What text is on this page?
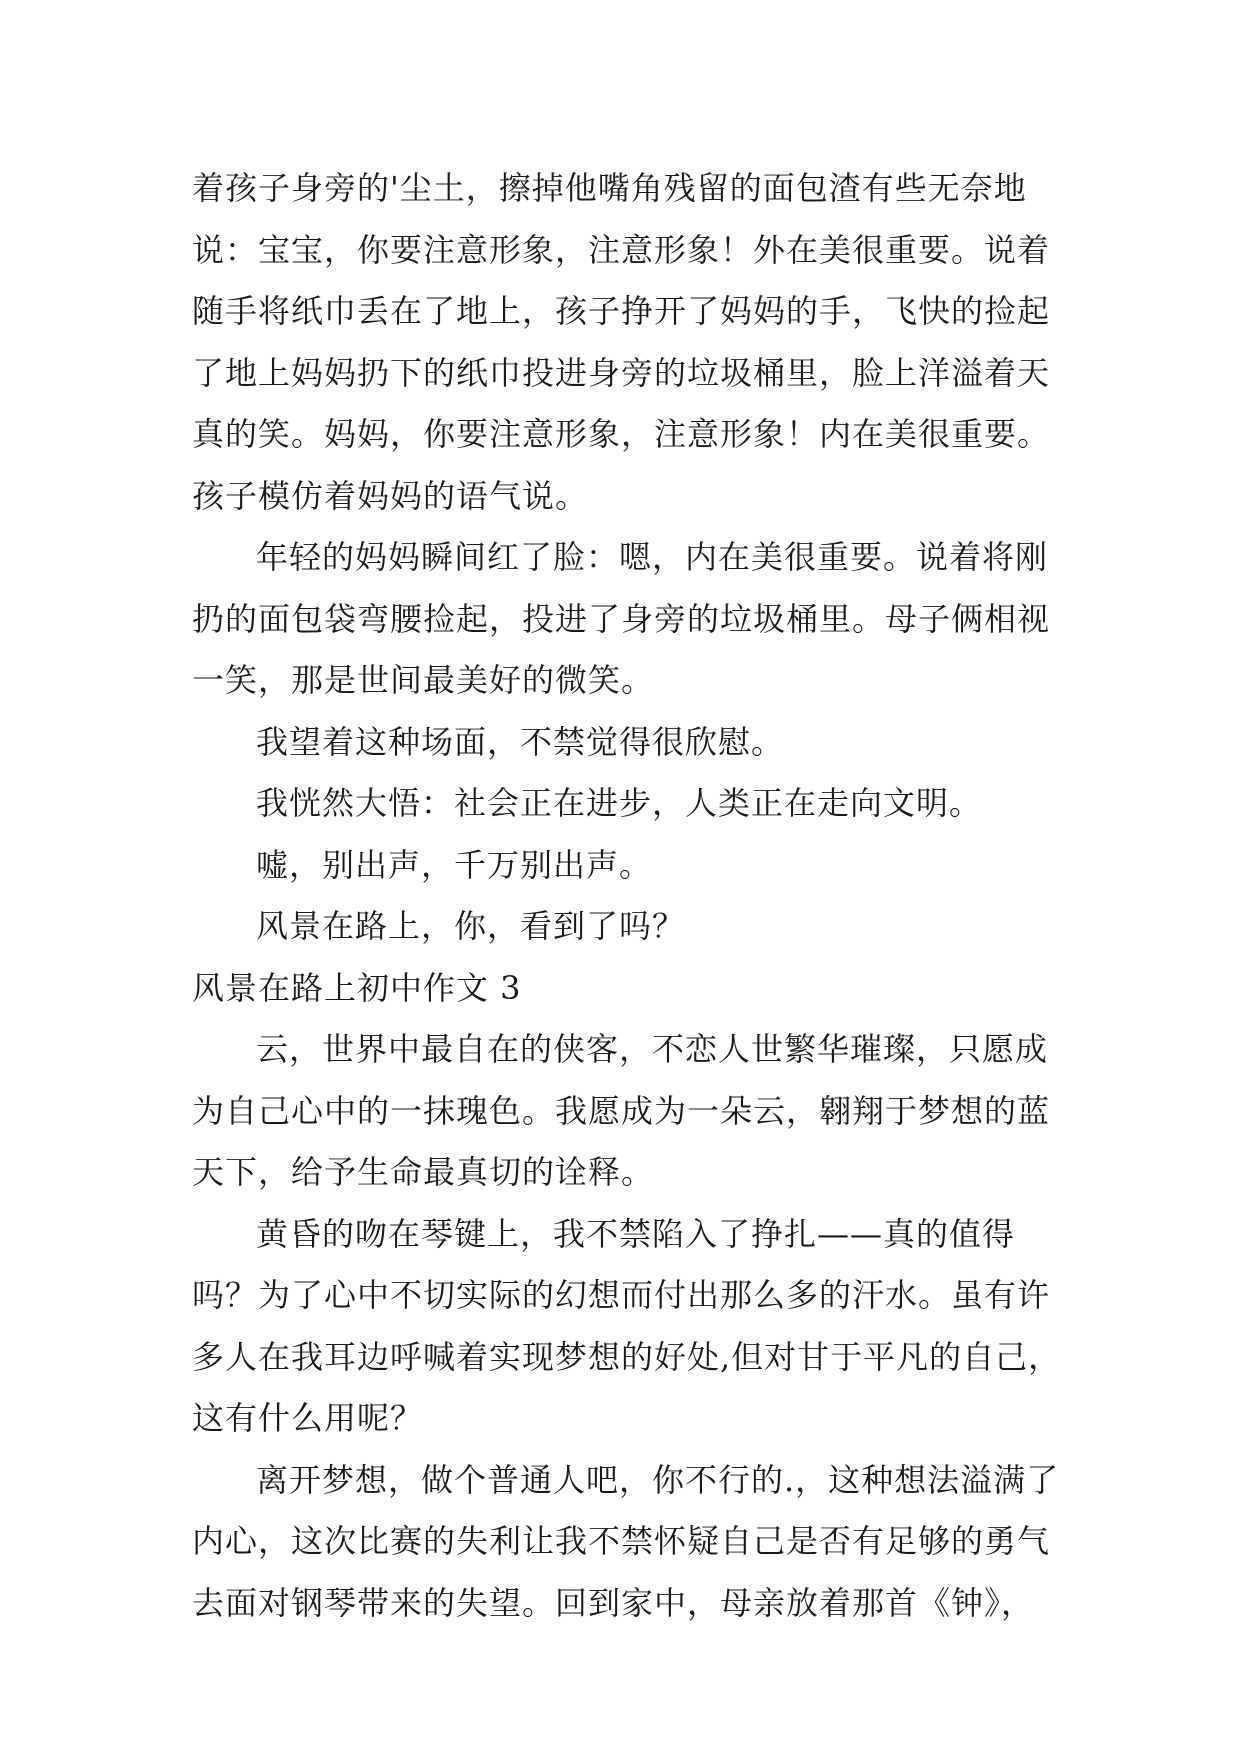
着孩子身旁的'尘土，擦掉他嘴角残留的面包渣有些无奈地说：宝宝，你要注意形象，注意形象！外在美很重要。说着随手将纸巾丢在了地上，孩子挣开了妈妈的手，飞快的捡起了地上妈妈扔下的纸巾投进身旁的垃圾桶里，脸上洋溢着天真的笑。妈妈，你要注意形象，注意形象！内在美很重要。孩子模仿着妈妈的语气说。

年轻的妈妈瞬间红了脸：嗯，内在美很重要。说着将刚扔的面包袋弯腰捡起，投进了身旁的垃圾桶里。母子俩相视一笑，那是世间最美好的微笑。

我望着这种场面，不禁觉得很欣慰。

我恍然大悟：社会正在进步，人类正在走向文明。

嘘，别出声，千万别出声。

风景在路上，你，看到了吗？

风景在路上初中作文 3

云，世界中最自在的侠客，不恋人世繁华璀璨，只愿成为自己心中的一抹瑰色。我愿成为一朵云，翱翔于梦想的蓝天下，给予生命最真切的诠释。

黄昏的吻在琴键上，我不禁陷入了挣扎——真的值得吗？为了心中不切实际的幻想而付出那么多的汗水。虽有许多人在我耳边呼喊着实现梦想的好处,但对甘于平凡的自己，这有什么用呢？

离开梦想，做个普通人吧，你不行的.，这种想法溢满了内心，这次比赛的失利让我不禁怀疑自己是否有足够的勇气去面对钢琴带来的失望。回到家中，母亲放着那首《钟》，
